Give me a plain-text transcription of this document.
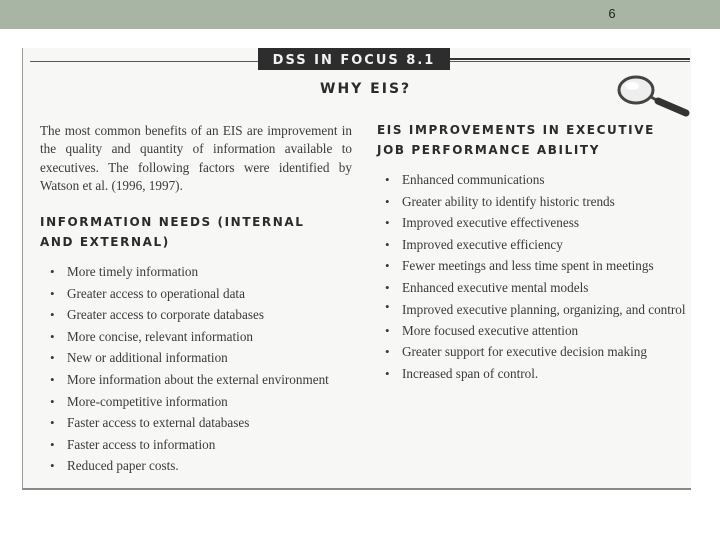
6
DSS IN FOCUS 8.1
WHY EIS?
The most common benefits of an EIS are improvement in the quality and quantity of information available to executives. The following factors were identified by Watson et al. (1996, 1997).
INFORMATION NEEDS (INTERNAL AND EXTERNAL)
• More timely information
• Greater access to operational data
• Greater access to corporate databases
• More concise, relevant information
• New or additional information
• More information about the external environment
• More-competitive information
• Faster access to external databases
• Faster access to information
• Reduced paper costs.
EIS IMPROVEMENTS IN EXECUTIVE JOB PERFORMANCE ABILITY
• Enhanced communications
• Greater ability to identify historic trends
• Improved executive effectiveness
• Improved executive efficiency
• Fewer meetings and less time spent in meetings
• Enhanced executive mental models
• Improved executive planning, organizing, and control
• More focused executive attention
• Greater support for executive decision making
• Increased span of control.
